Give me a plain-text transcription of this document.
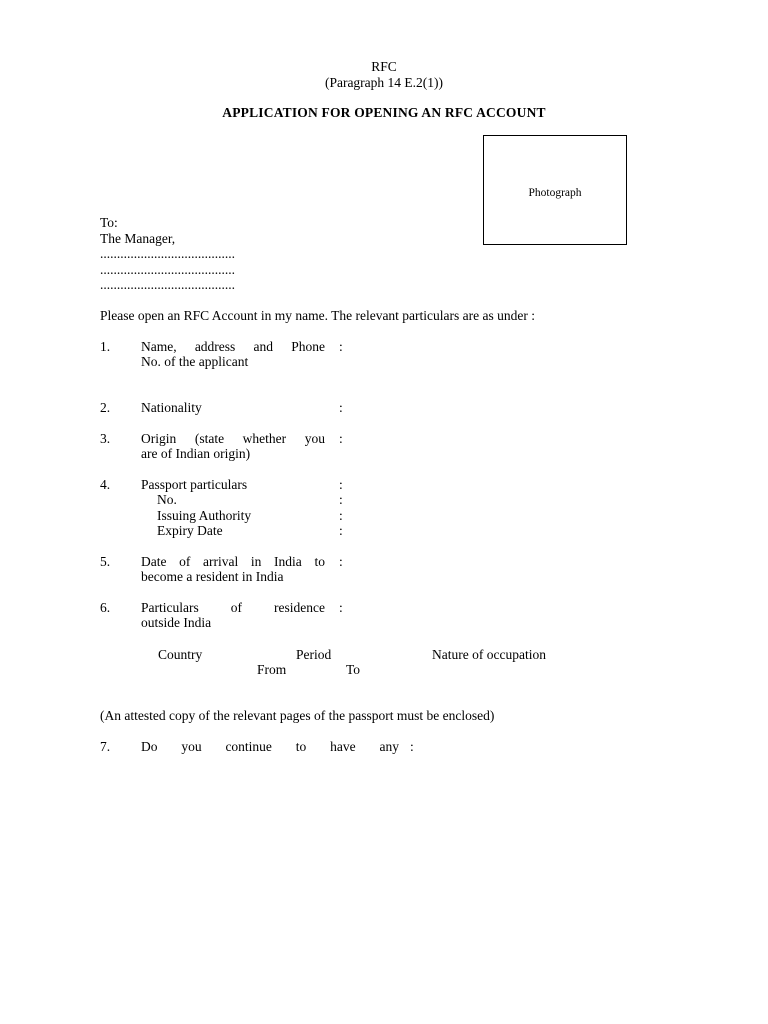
RFC
(Paragraph 14 E.2(1))
APPLICATION FOR OPENING AN RFC ACCOUNT
Photograph
To:
The Manager,
........................................
........................................
........................................
Please open an RFC Account in my name. The relevant particulars are as under :
1. Name, address and Phone
No. of the applicant
:
2. Nationality	:
3. Origin (state whether you
are of Indian origin)
:
4. Passport particulars	:
No.	:
Issuing Authority	:
Expiry Date	:
5. Date of arrival in India to
become a resident in India
:
6. Particulars of residence
outside India
:
Country	Period	Nature of occupation
From	To
(An attested copy of the relevant pages of the passport must be enclosed)
7. Do you continue to have any :
